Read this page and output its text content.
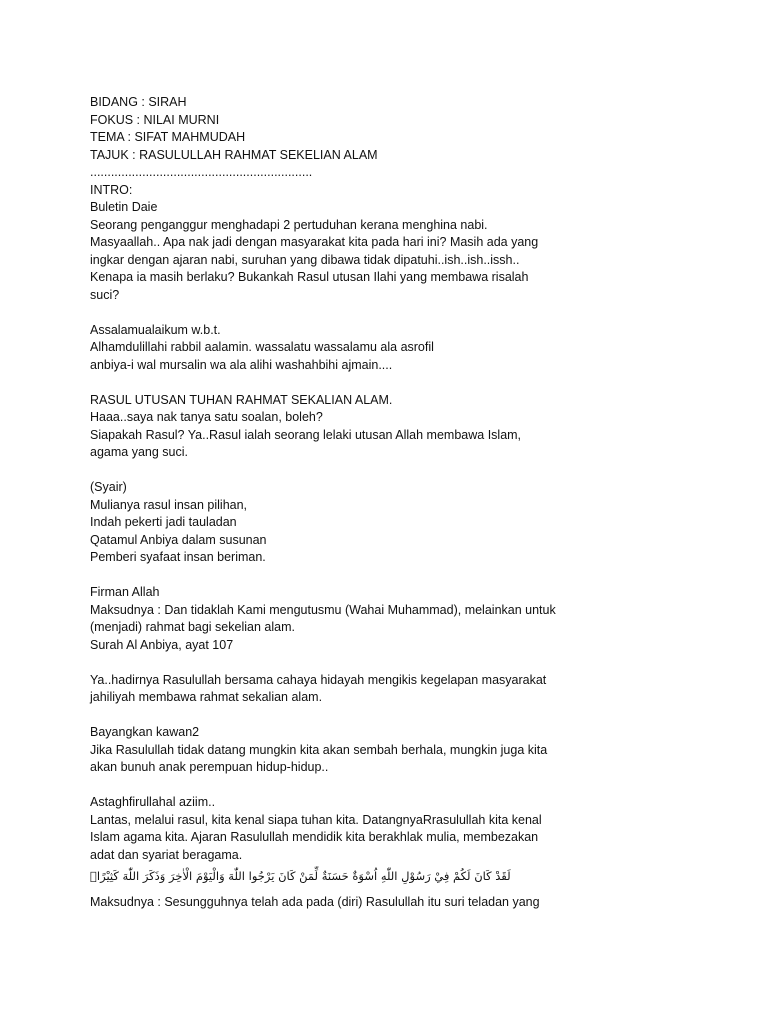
BIDANG : SIRAH
FOKUS : NILAI MURNI
TEMA : SIFAT MAHMUDAH
TAJUK : RASULULLAH RAHMAT SEKELIAN ALAM
................................................................
INTRO:
Buletin Daie
Seorang penganggur menghadapi 2 pertuduhan kerana menghina nabi.
Masyaallah.. Apa nak jadi dengan masyarakat kita pada hari ini? Masih ada yang
ingkar dengan ajaran nabi, suruhan yang dibawa tidak dipatuhi..ish..ish..issh..
Kenapa ia masih berlaku? Bukankah Rasul utusan Ilahi yang membawa risalah
suci?
Assalamualaikum w.b.t.
Alhamdulillahi rabbil aalamin. wassalatu wassalamu ala asrofil
anbiya-i wal mursalin wa ala alihi washahbihi ajmain....
RASUL UTUSAN TUHAN RAHMAT SEKALIAN ALAM.
Haaa..saya nak tanya satu soalan, boleh?
Siapakah Rasul? Ya..Rasul ialah seorang lelaki utusan Allah membawa Islam,
agama yang suci.
(Syair)
Mulianya rasul insan pilihan,
Indah pekerti jadi tauladan
Qatamul Anbiya dalam susunan
Pemberi syafaat insan beriman.
Firman Allah
Maksudnya : Dan tidaklah Kami mengutusmu (Wahai Muhammad), melainkan untuk
(menjadi) rahmat bagi sekelian alam.
Surah Al Anbiya, ayat 107
Ya..hadirnya Rasulullah bersama cahaya hidayah mengikis kegelapan masyarakat
jahiliyah membawa rahmat sekalian alam.
Bayangkan kawan2
Jika Rasulullah tidak datang mungkin kita akan sembah berhala, mungkin juga kita
akan bunuh anak perempuan hidup-hidup..
Astaghfirullahal aziim..
Lantas, melalui rasul, kita kenal siapa tuhan kita. DatangnyaRrasulullah kita kenal
Islam agama kita. Ajaran Rasulullah mendidik kita berakhlak mulia, membezakan
adat dan syariat beragama.
لَقَدْ كَانَ لَكُمْ فِيْ رَسُوْلِ اللّٰهِ اُسْوَةٌ حَسَنَةٌ لِّمَنْ كَانَ يَرْجُوا اللّٰهَ وَالْيَوْمَ الْاٰخِرَ وَذَكَرَ اللّٰهَ كَثِيْرًاۗ
Maksudnya : Sesungguhnya telah ada pada (diri) Rasulullah itu suri teladan yang
